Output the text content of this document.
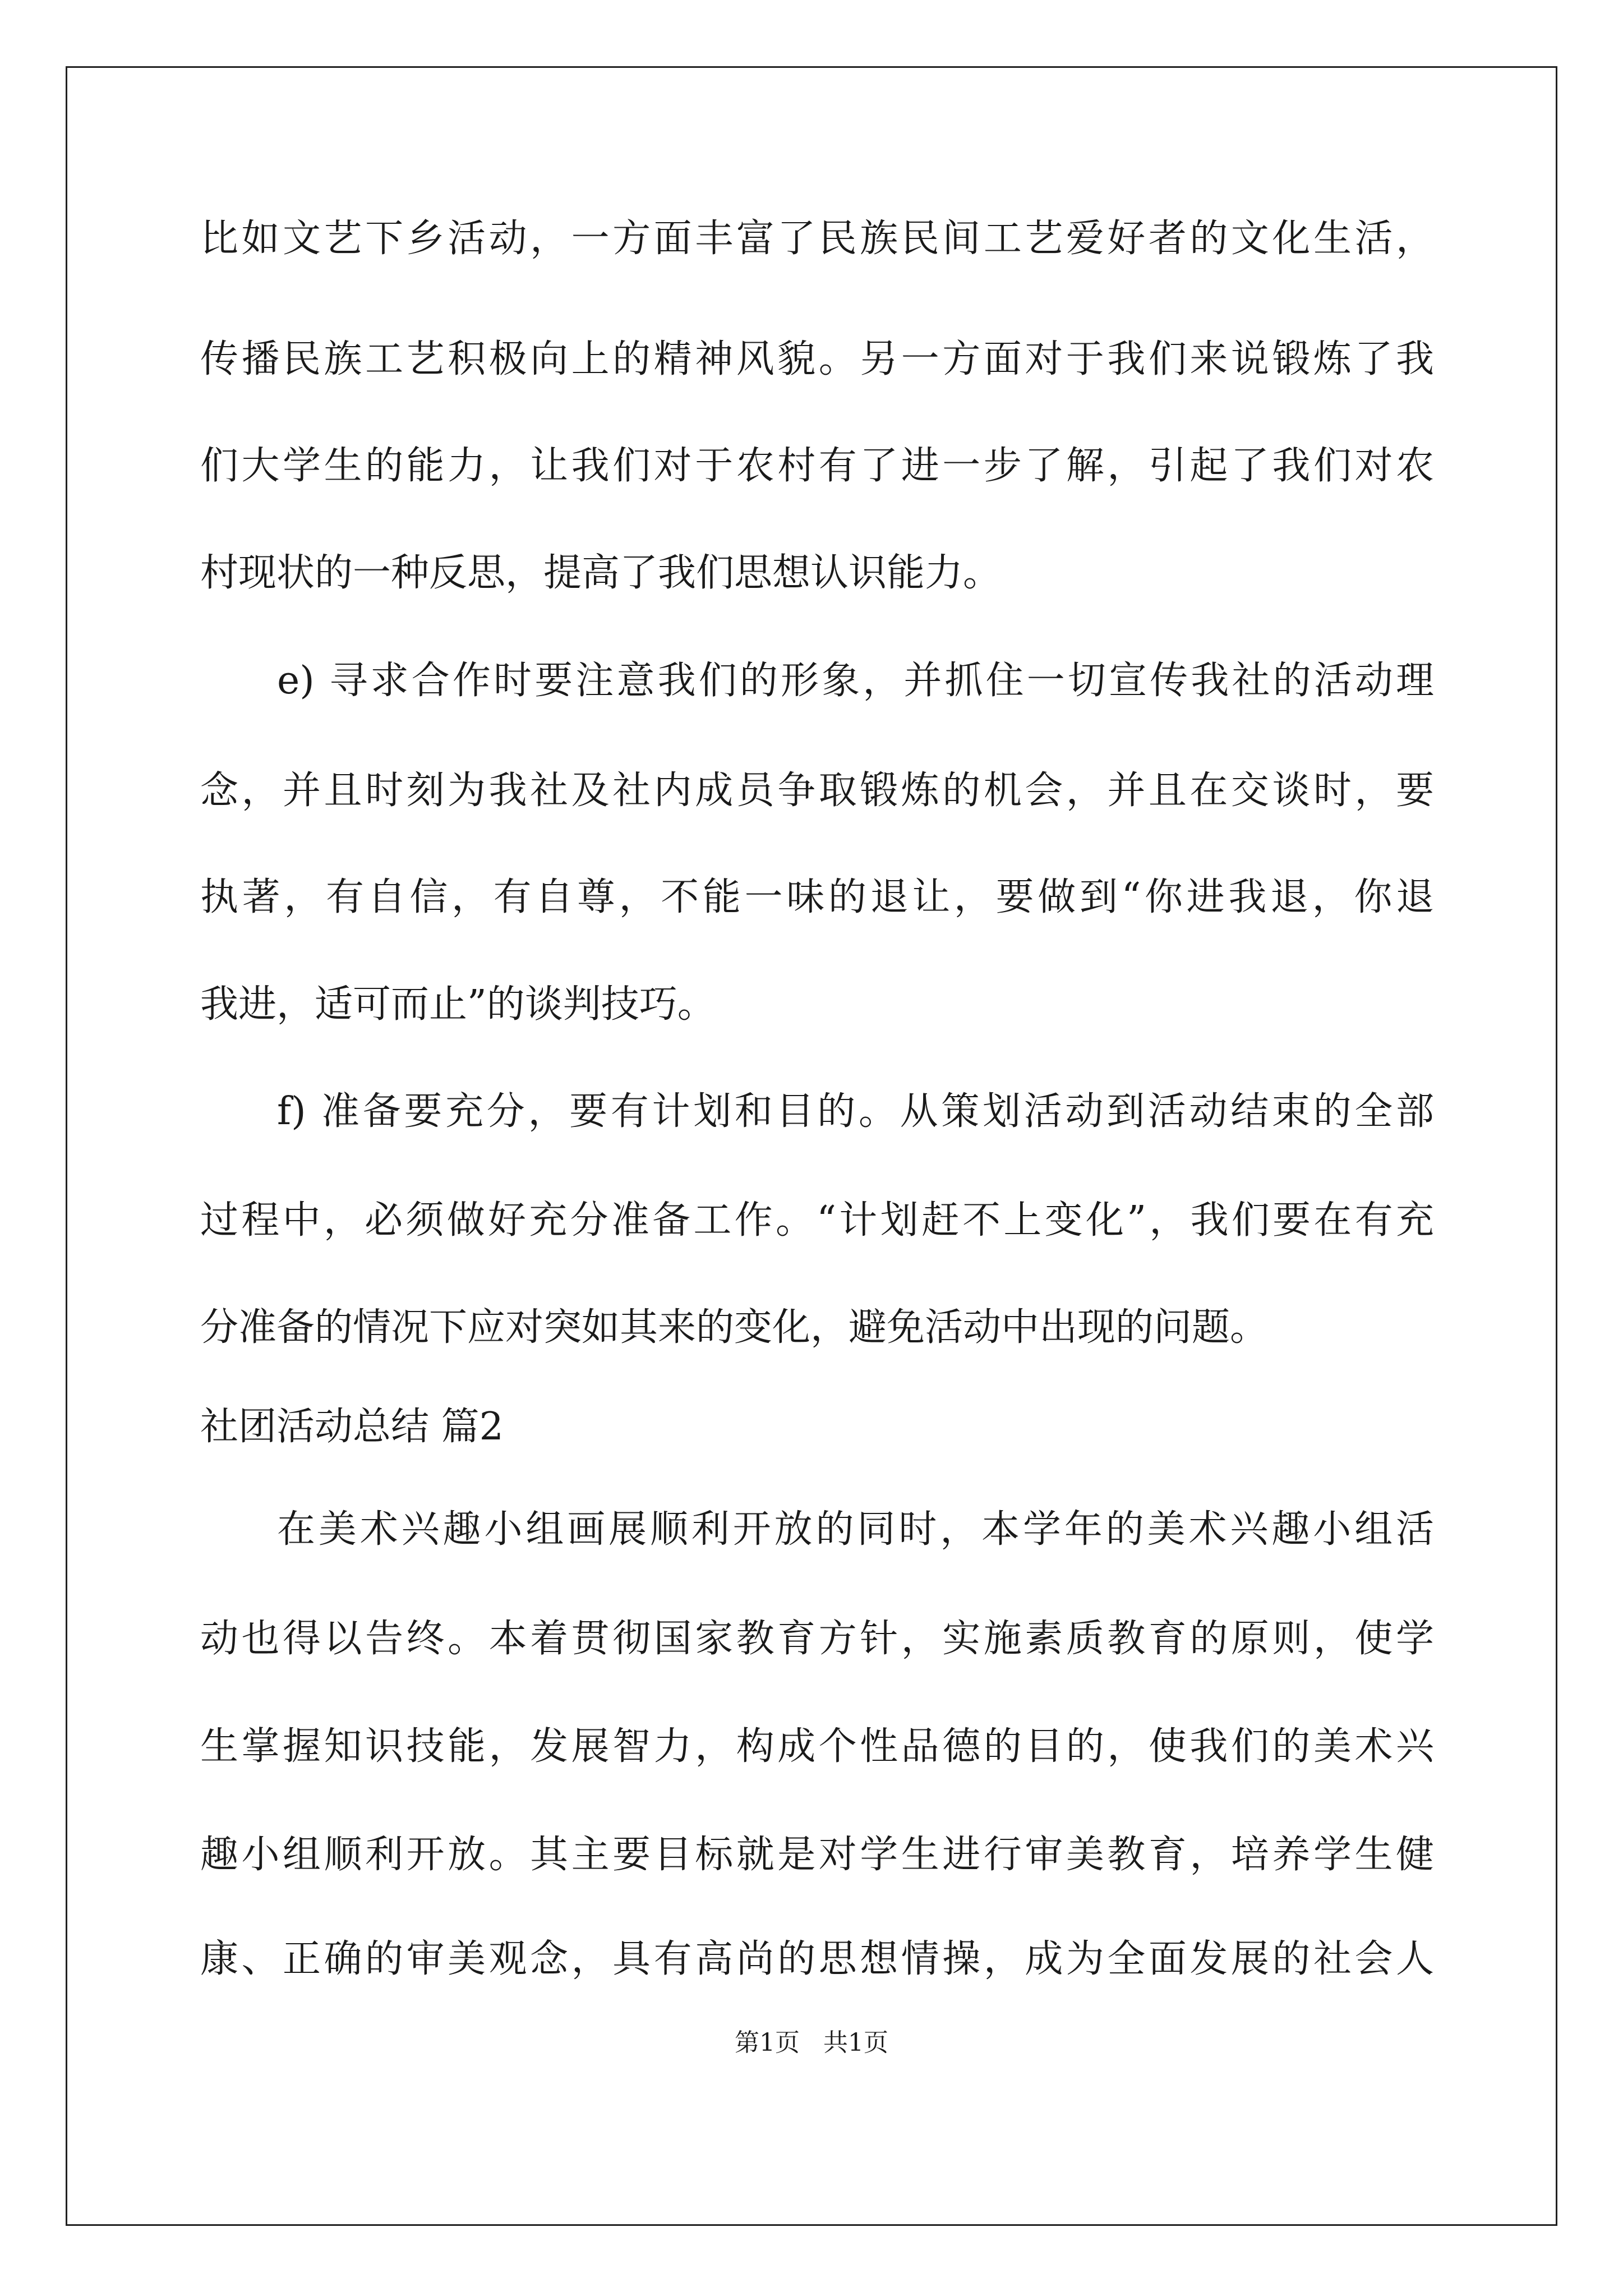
比如文艺下乡活动，一方面丰富了民族民间工艺爱好者的文化生活，
传播民族工艺积极向上的精神风貌。另一方面对于我们来说锻炼了我
们大学生的能力，让我们对于农村有了进一步了解，引起了我们对农
村现状的一种反思，提高了我们思想认识能力。
e) 寻求合作时要注意我们的形象，并抓住一切宣传我社的活动理
念，并且时刻为我社及社内成员争取锻炼的机会，并且在交谈时，要
执著，有自信，有自尊，不能一味的退让，要做到“你进我退，你退
我进，适可而止”的谈判技巧。
f) 准备要充分，要有计划和目的。从策划活动到活动结束的全部
过程中，必须做好充分准备工作。“计划赶不上变化”，我们要在有充
分准备的情况下应对突如其来的变化，避免活动中出现的问题。
社团活动总结 篇2
在美术兴趣小组画展顺利开放的同时，本学年的美术兴趣小组活
动也得以告终。本着贯彻国家教育方针，实施素质教育的原则，使学
生掌握知识技能，发展智力，构成个性品德的目的，使我们的美术兴
趣小组顺利开放。其主要目标就是对学生进行审美教育，培养学生健
康、正确的审美观念，具有高尚的思想情操，成为全面发展的社会人
第1页   共1页
